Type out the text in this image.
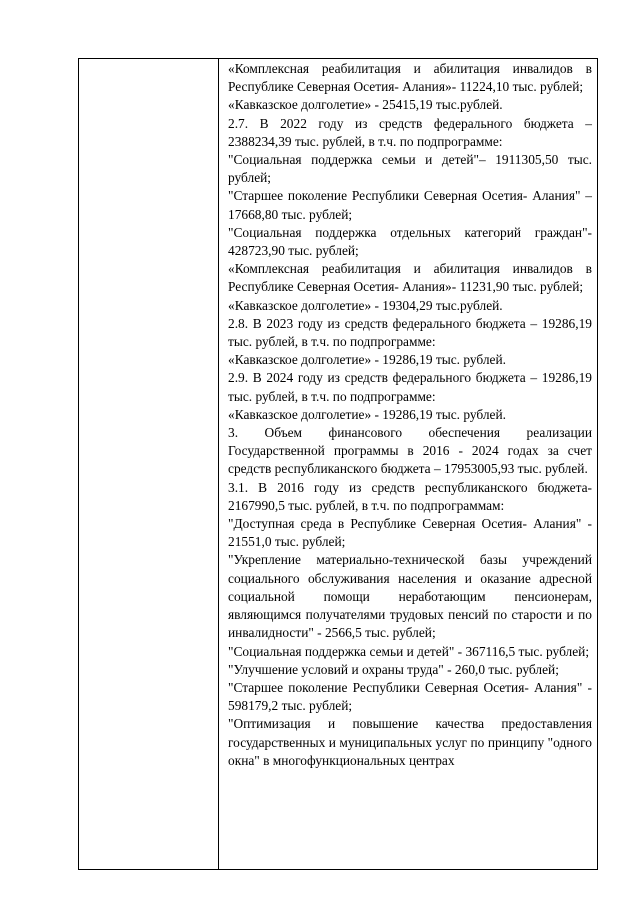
«Комплексная реабилитация и абилитация инвалидов в Республике Северная Осетия- Алания»- 11224,10 тыс. рублей;

«Кавказское долголетие» - 25415,19 тыс.рублей.

2.7. В 2022 году из средств федерального бюджета – 2388234,39 тыс. рублей, в т.ч. по подпрограмме:

"Социальная поддержка семьи и детей"– 1911305,50 тыс. рублей;

"Старшее поколение Республики Северная Осетия- Алания" – 17668,80 тыс. рублей;

"Социальная поддержка отдельных категорий граждан"- 428723,90 тыс. рублей;

«Комплексная реабилитация и абилитация инвалидов в Республике Северная Осетия- Алания»- 11231,90 тыс. рублей;

«Кавказское долголетие» - 19304,29 тыс.рублей.

2.8. В 2023 году из средств федерального бюджета – 19286,19 тыс. рублей, в т.ч. по подпрограмме:

«Кавказское долголетие» - 19286,19 тыс. рублей.

2.9. В 2024 году из средств федерального бюджета – 19286,19 тыс. рублей, в т.ч. по подпрограмме:

«Кавказское долголетие» - 19286,19 тыс. рублей.

3. Объем финансового обеспечения реализации Государственной программы в 2016 - 2024 годах за счет средств республиканского бюджета – 17953005,93 тыс. рублей.

3.1. В 2016 году из средств республиканского бюджета- 2167990,5 тыс. рублей, в т.ч. по подпрограммам:

"Доступная среда в Республике Северная Осетия- Алания" - 21551,0 тыс. рублей;

"Укрепление материально-технической базы учреждений социального обслуживания населения и оказание адресной социальной помощи неработающим пенсионерам, являющимся получателями трудовых пенсий по старости и по инвалидности" - 2566,5 тыс. рублей;

"Социальная поддержка семьи и детей" - 367116,5 тыс. рублей;

"Улучшение условий и охраны труда" - 260,0 тыс. рублей;

"Старшее поколение Республики Северная Осетия- Алания" - 598179,2 тыс. рублей;

"Оптимизация и повышение качества предоставления государственных и муниципальных услуг по принципу "одного окна" в многофункциональных центрах
